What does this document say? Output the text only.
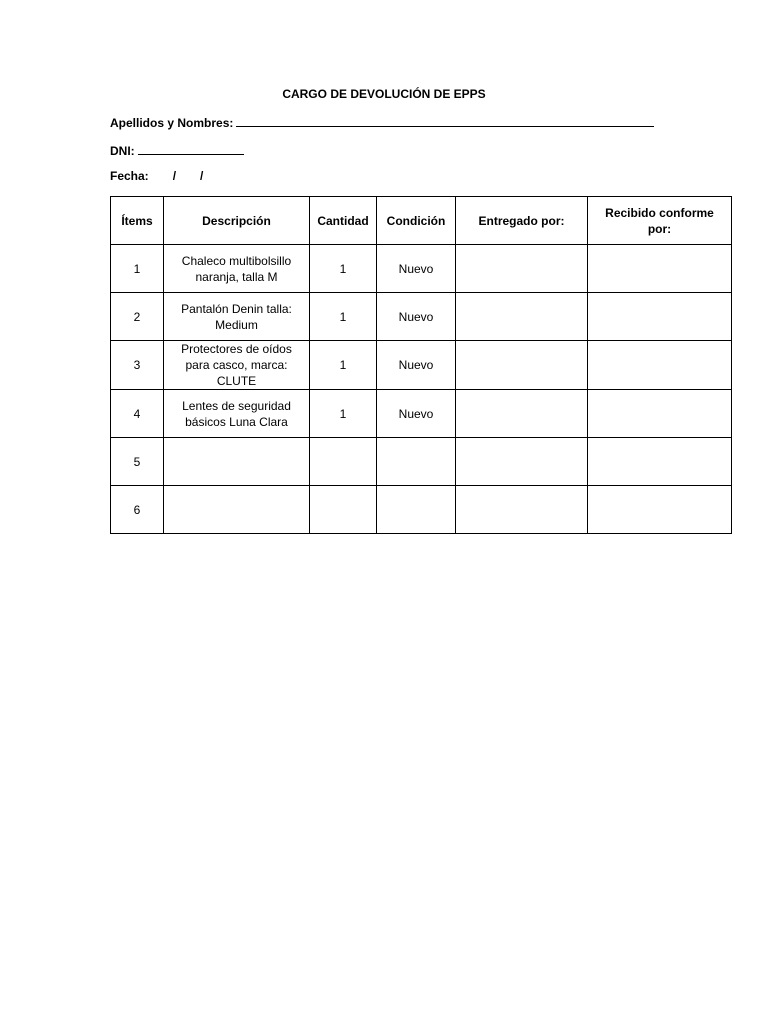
CARGO DE DEVOLUCIÓN DE EPPS
Apellidos y Nombres:
DNI:
Fecha: / /
Ítems	Descripción	Cantidad	Condición	Entregado por:	Recibido conforme por:
1	Chaleco multibolsillo naranja, talla M	1	Nuevo		
2	Pantalón Denin talla: Medium	1	Nuevo		
3	Protectores de oídos para casco, marca: CLUTE	1	Nuevo		
4	Lentes de seguridad básicos Luna Clara	1	Nuevo		
5					
6					
